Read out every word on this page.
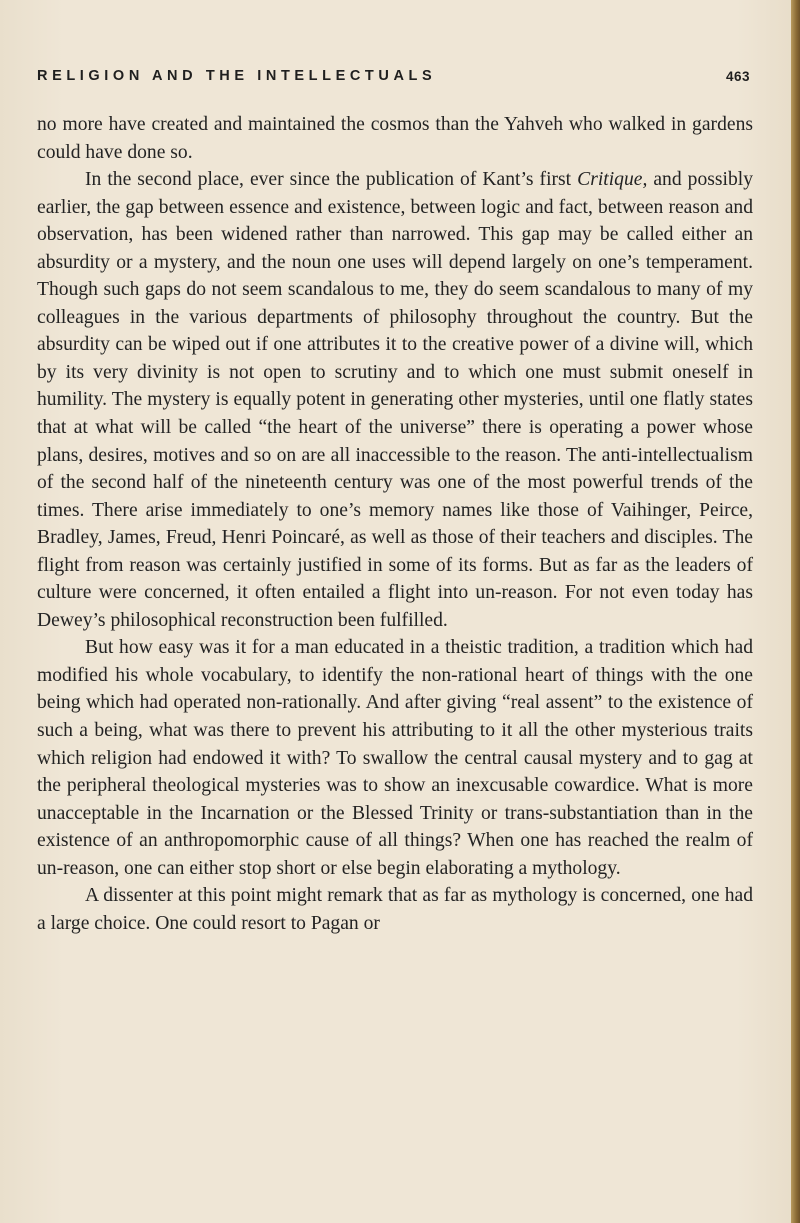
RELIGION AND THE INTELLECTUALS	463

no more have created and maintained the cosmos than the Yahveh who walked in gardens could have done so.

In the second place, ever since the publication of Kant’s first Critique, and possibly earlier, the gap between essence and existence, between logic and fact, between reason and observation, has been widened rather than narrowed. This gap may be called either an absurdity or a mystery, and the noun one uses will depend largely on one’s temperament. Though such gaps do not seem scandalous to me, they do seem scandalous to many of my colleagues in the various departments of philosophy throughout the country. But the absurdity can be wiped out if one attributes it to the creative power of a divine will, which by its very divinity is not open to scrutiny and to which one must submit oneself in humility. The mystery is equally potent in generating other mysteries, until one flatly states that at what will be called “the heart of the universe” there is operating a power whose plans, desires, motives and so on are all inaccessible to the reason. The anti-intellectualism of the second half of the nineteenth century was one of the most powerful trends of the times. There arise immediately to one’s memory names like those of Vaihinger, Peirce, Bradley, James, Freud, Henri Poincaré, as well as those of their teachers and disciples. The flight from reason was certainly justified in some of its forms. But as far as the leaders of culture were concerned, it often entailed a flight into un-reason. For not even today has Dewey’s philosophical reconstruction been fulfilled.

But how easy was it for a man educated in a theistic tradition, a tradition which had modified his whole vocabulary, to identify the non-rational heart of things with the one being which had operated non-rationally. And after giving “real assent” to the existence of such a being, what was there to prevent his attributing to it all the other mysterious traits which religion had endowed it with? To swallow the central causal mystery and to gag at the peripheral theological mysteries was to show an inexcusable cowardice. What is more unacceptable in the Incarnation or the Blessed Trinity or trans-substantiation than in the existence of an anthropomorphic cause of all things? When one has reached the realm of un-reason, one can either stop short or else begin elaborating a mythology.

A dissenter at this point might remark that as far as mythology is concerned, one had a large choice. One could resort to Pagan or
